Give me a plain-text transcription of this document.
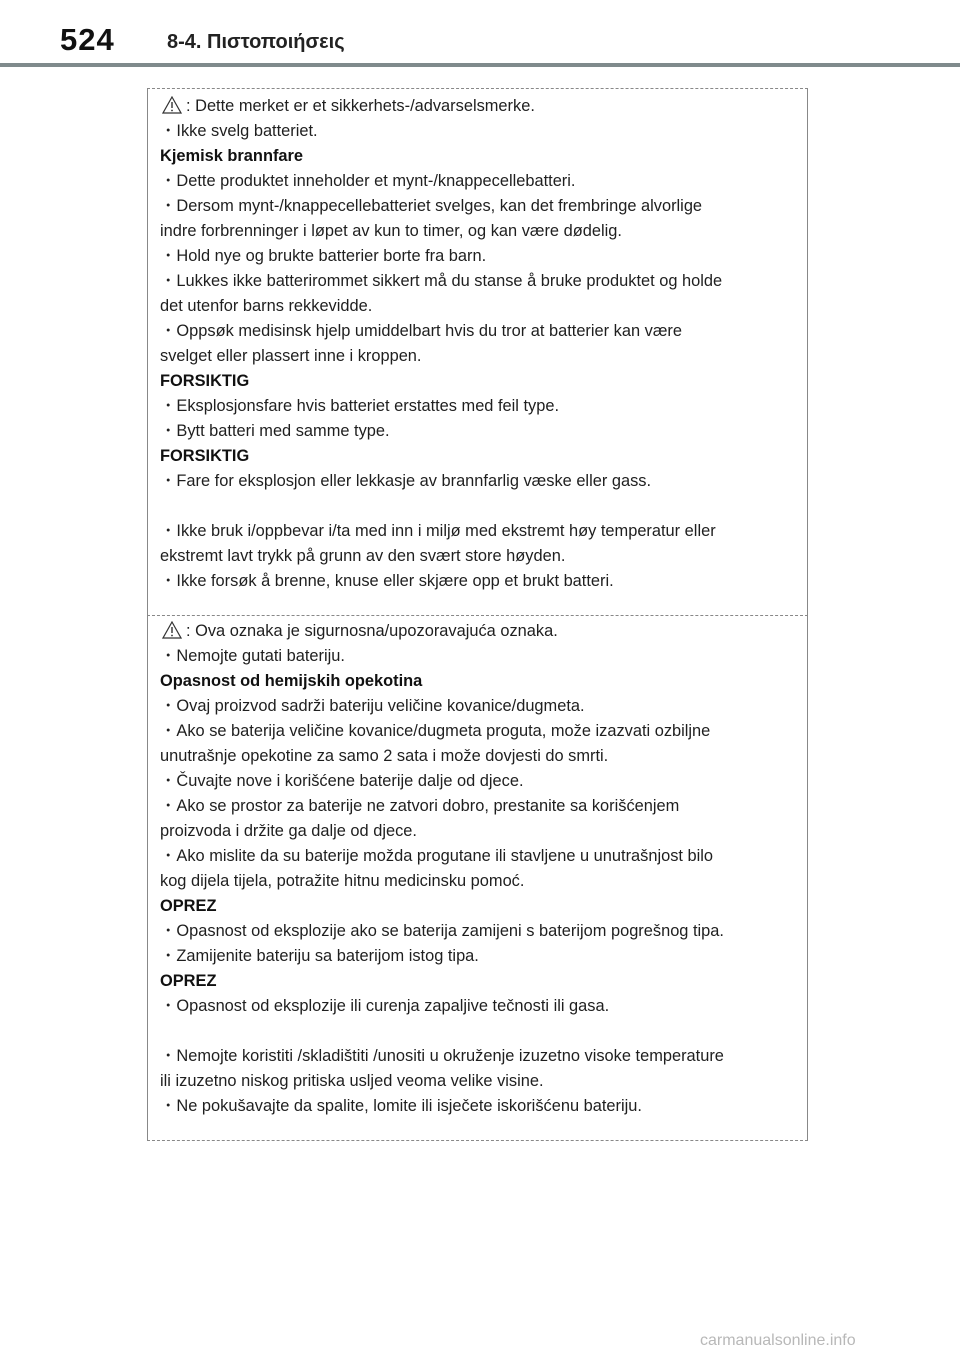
524	8-4. Πιστοποιήσεις
: Dette merket er et sikkerhets-/advarselsmerke.
・Ikke svelg batteriet.
Kjemisk brannfare
・Dette produktet inneholder et mynt-/knappecellebatteri.
・Dersom mynt-/knappecellebatteriet svelges, kan det frembringe alvorlige
indre forbrenninger i løpet av kun to timer, og kan være dødelig.
・Hold nye og brukte batterier borte fra barn.
・Lukkes ikke batterirommet sikkert må du stanse å bruke produktet og holde
det utenfor barns rekkevidde.
・Oppsøk medisinsk hjelp umiddelbart hvis du tror at batterier kan være
svelget eller plassert inne i kroppen.
FORSIKTIG
・Eksplosjonsfare hvis batteriet erstattes med feil type.
・Bytt batteri med samme type.
FORSIKTIG
・Fare for eksplosjon eller lekkasje av brannfarlig væske eller gass.
・Ikke bruk i/oppbevar i/ta med inn i miljø med ekstremt høy temperatur eller
ekstremt lavt trykk på grunn av den svært store høyden.
・Ikke forsøk å brenne, knuse eller skjære opp et brukt batteri.
: Ova oznaka je sigurnosna/upozoravajuća oznaka.
・Nemojte gutati bateriju.
Opasnost od hemijskih opekotina
・Ovaj proizvod sadrži bateriju veličine kovanice/dugmeta.
・Ako se baterija veličine kovanice/dugmeta proguta, može izazvati ozbiljne
unutrašnje opekotine za samo 2 sata i može dovjesti do smrti.
・Čuvajte nove i korišćene baterije dalje od djece.
・Ako se prostor za baterije ne zatvori dobro, prestanite sa korišćenjem
proizvoda i držite ga dalje od djece.
・Ako mislite da su baterije možda progutane ili stavljene u unutrašnjost bilo
kog dijela tijela, potražite hitnu medicinsku pomoć.
OPREZ
・Opasnost od eksplozije ako se baterija zamijeni s baterijom pogrešnog tipa.
・Zamijenite bateriju sa baterijom istog tipa.
OPREZ
・Opasnost od eksplozije ili curenja zapaljive tečnosti ili gasa.
・Nemojte koristiti /skladištiti /unositi u okruženje izuzetno visoke temperature
ili izuzetno niskog pritiska usljed veoma velike visine.
・Ne pokušavajte da spalite, lomite ili isječete iskorišćenu bateriju.
carmanualsonline.info
